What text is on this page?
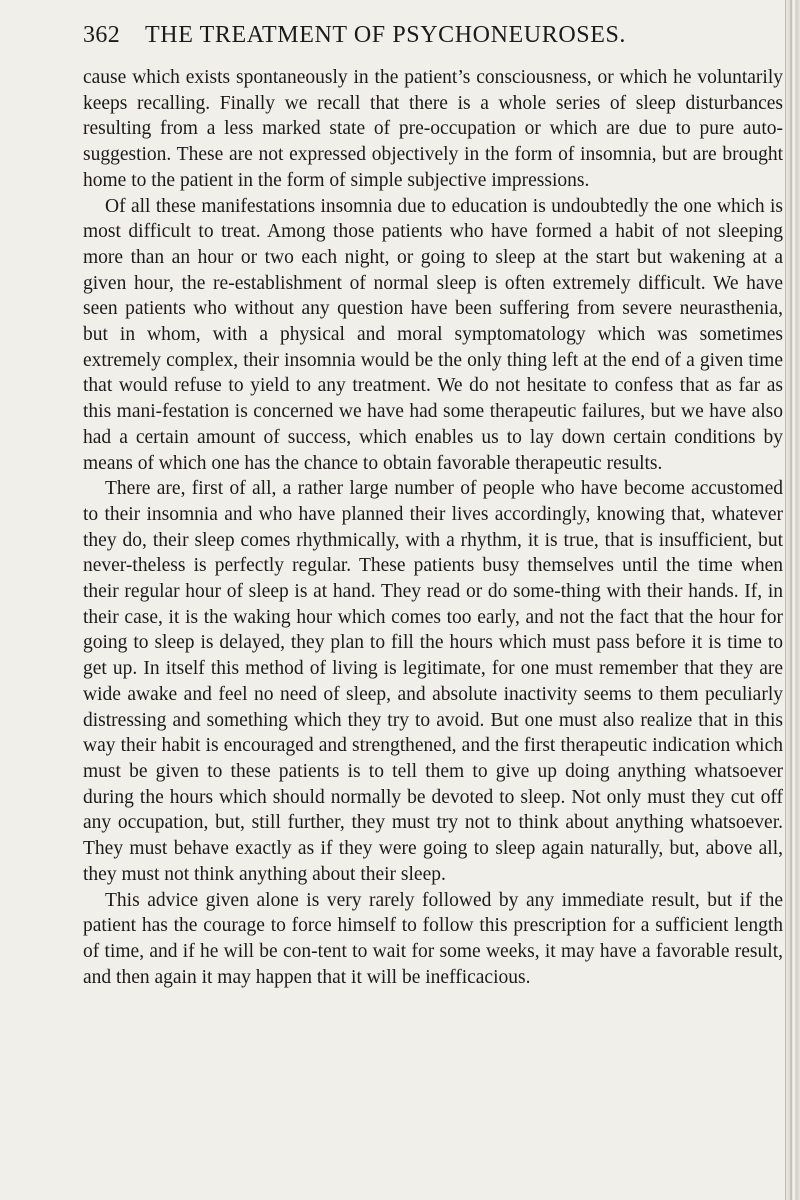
362 THE TREATMENT OF PSYCHONEUROSES.

cause which exists spontaneously in the patient’s consciousness, or which he voluntarily keeps recalling. Finally we recall that there is a whole series of sleep disturbances resulting from a less marked state of pre-occupation or which are due to pure auto-suggestion. These are not expressed objectively in the form of insomnia, but are brought home to the patient in the form of simple subjective impressions.

Of all these manifestations insomnia due to education is undoubtedly the one which is most difficult to treat. Among those patients who have formed a habit of not sleeping more than an hour or two each night, or going to sleep at the start but wakening at a given hour, the re-establishment of normal sleep is often extremely difficult. We have seen patients who without any question have been suffering from severe neurasthenia, but in whom, with a physical and moral symptomatology which was sometimes extremely complex, their insomnia would be the only thing left at the end of a given time that would refuse to yield to any treatment. We do not hesitate to confess that as far as this mani-festation is concerned we have had some therapeutic failures, but we have also had a certain amount of success, which enables us to lay down certain conditions by means of which one has the chance to obtain favorable therapeutic results.

There are, first of all, a rather large number of people who have become accustomed to their insomnia and who have planned their lives accordingly, knowing that, whatever they do, their sleep comes rhythmically, with a rhythm, it is true, that is insufficient, but never-theless is perfectly regular. These patients busy themselves until the time when their regular hour of sleep is at hand. They read or do some-thing with their hands. If, in their case, it is the waking hour which comes too early, and not the fact that the hour for going to sleep is delayed, they plan to fill the hours which must pass before it is time to get up. In itself this method of living is legitimate, for one must remember that they are wide awake and feel no need of sleep, and absolute inactivity seems to them peculiarly distressing and something which they try to avoid. But one must also realize that in this way their habit is encouraged and strengthened, and the first therapeutic indication which must be given to these patients is to tell them to give up doing anything whatsoever during the hours which should normally be devoted to sleep. Not only must they cut off any occupation, but, still further, they must try not to think about anything whatsoever. They must behave exactly as if they were going to sleep again naturally, but, above all, they must not think anything about their sleep.

This advice given alone is very rarely followed by any immediate result, but if the patient has the courage to force himself to follow this prescription for a sufficient length of time, and if he will be con-tent to wait for some weeks, it may have a favorable result, and then again it may happen that it will be inefficacious.
